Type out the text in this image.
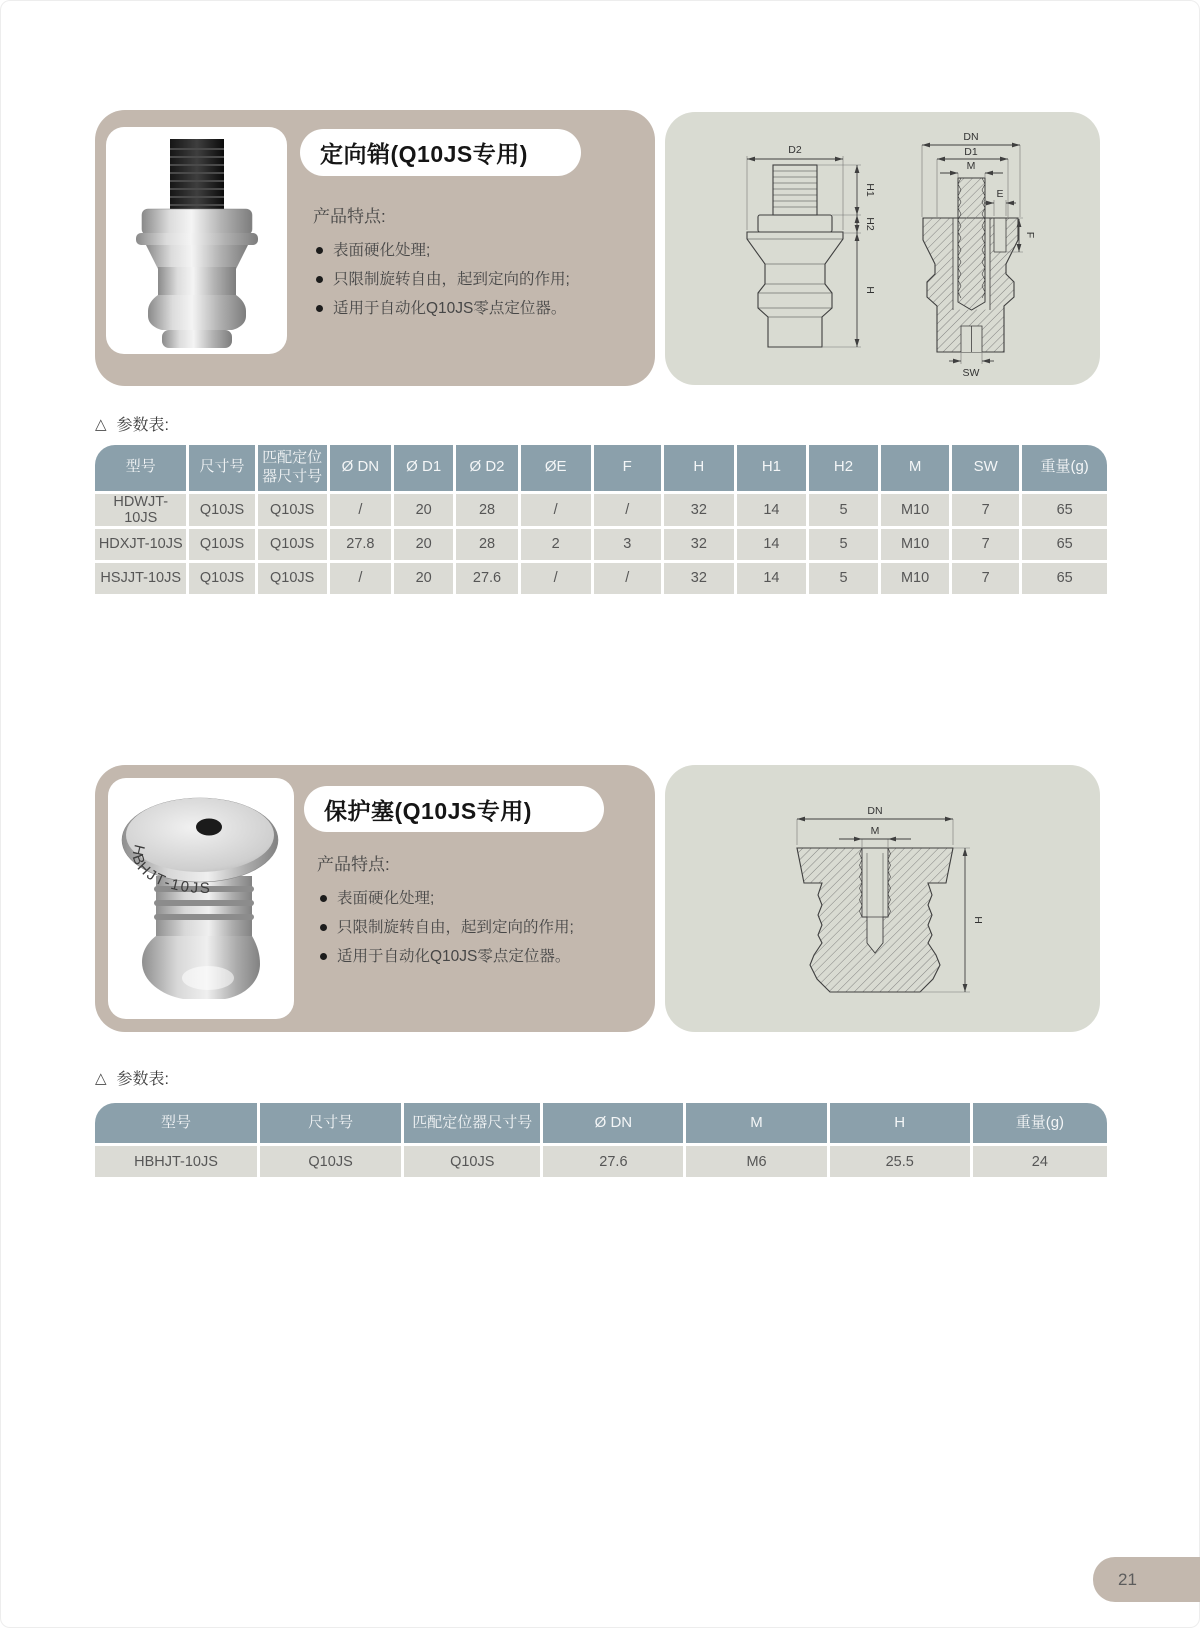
定向销(Q10JS专用)
产品特点:
表面硬化处理;
只限制旋转自由，起到定向的作用;
适用于自动化Q10JS零点定位器。
D2
H1
H2
H
DN
D1
M
E
F
SW
△ 参数表:
型号	尺寸号	匹配定位器尺寸号	Ø DN	Ø D1	Ø D2	ØE	F	H	H1	H2	M	SW	重量(g)
HDWJT-10JS	Q10JS	Q10JS	/	20	28	/	/	32	14	5	M10	7	65
HDXJT-10JS	Q10JS	Q10JS	27.8	20	28	2	3	32	14	5	M10	7	65
HSJJT-10JS	Q10JS	Q10JS	/	20	27.6	/	/	32	14	5	M10	7	65
HBHJT-10JS
保护塞(Q10JS专用)
产品特点:
表面硬化处理;
只限制旋转自由，起到定向的作用;
适用于自动化Q10JS零点定位器。
DN
M
H
△ 参数表:
型号	尺寸号	匹配定位器尺寸号	Ø DN	M	H	重量(g)
HBHJT-10JS	Q10JS	Q10JS	27.6	M6	25.5	24
21
